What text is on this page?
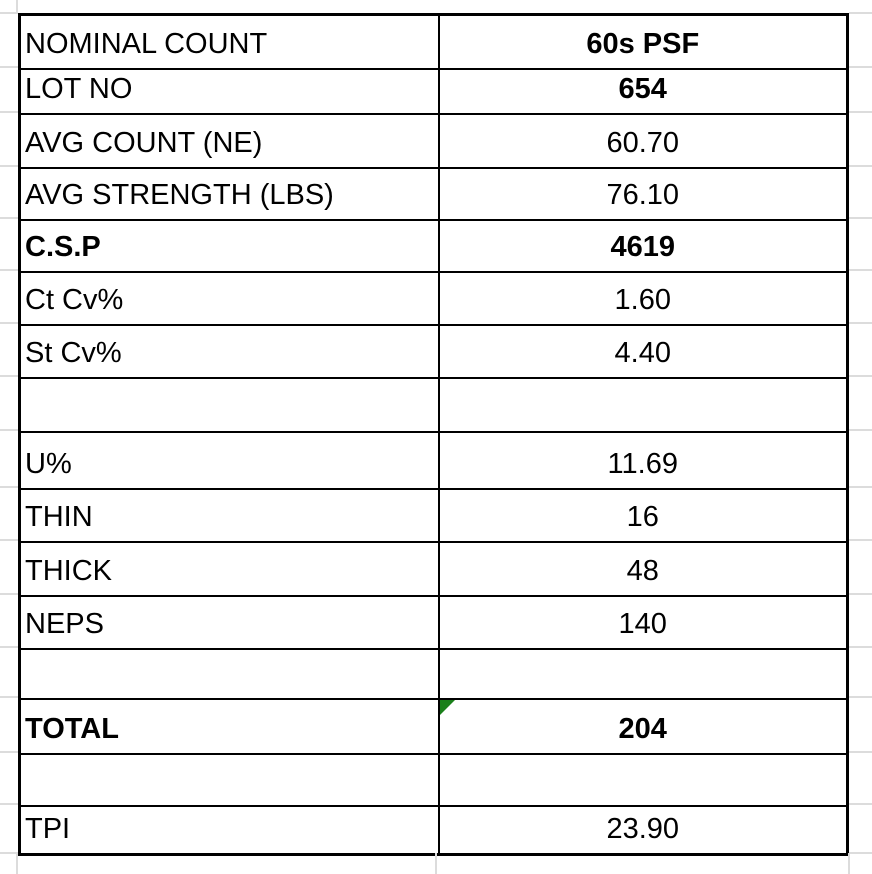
NOMINAL COUNT	60s PSF
LOT NO	654
AVG COUNT (NE)	60.70
AVG STRENGTH (LBS)	76.10
C.S.P	4619
Ct Cv%	1.60
St Cv%	4.40

U%	11.69
THIN	16
THICK	48
NEPS	140

TOTAL	204

TPI	23.90
